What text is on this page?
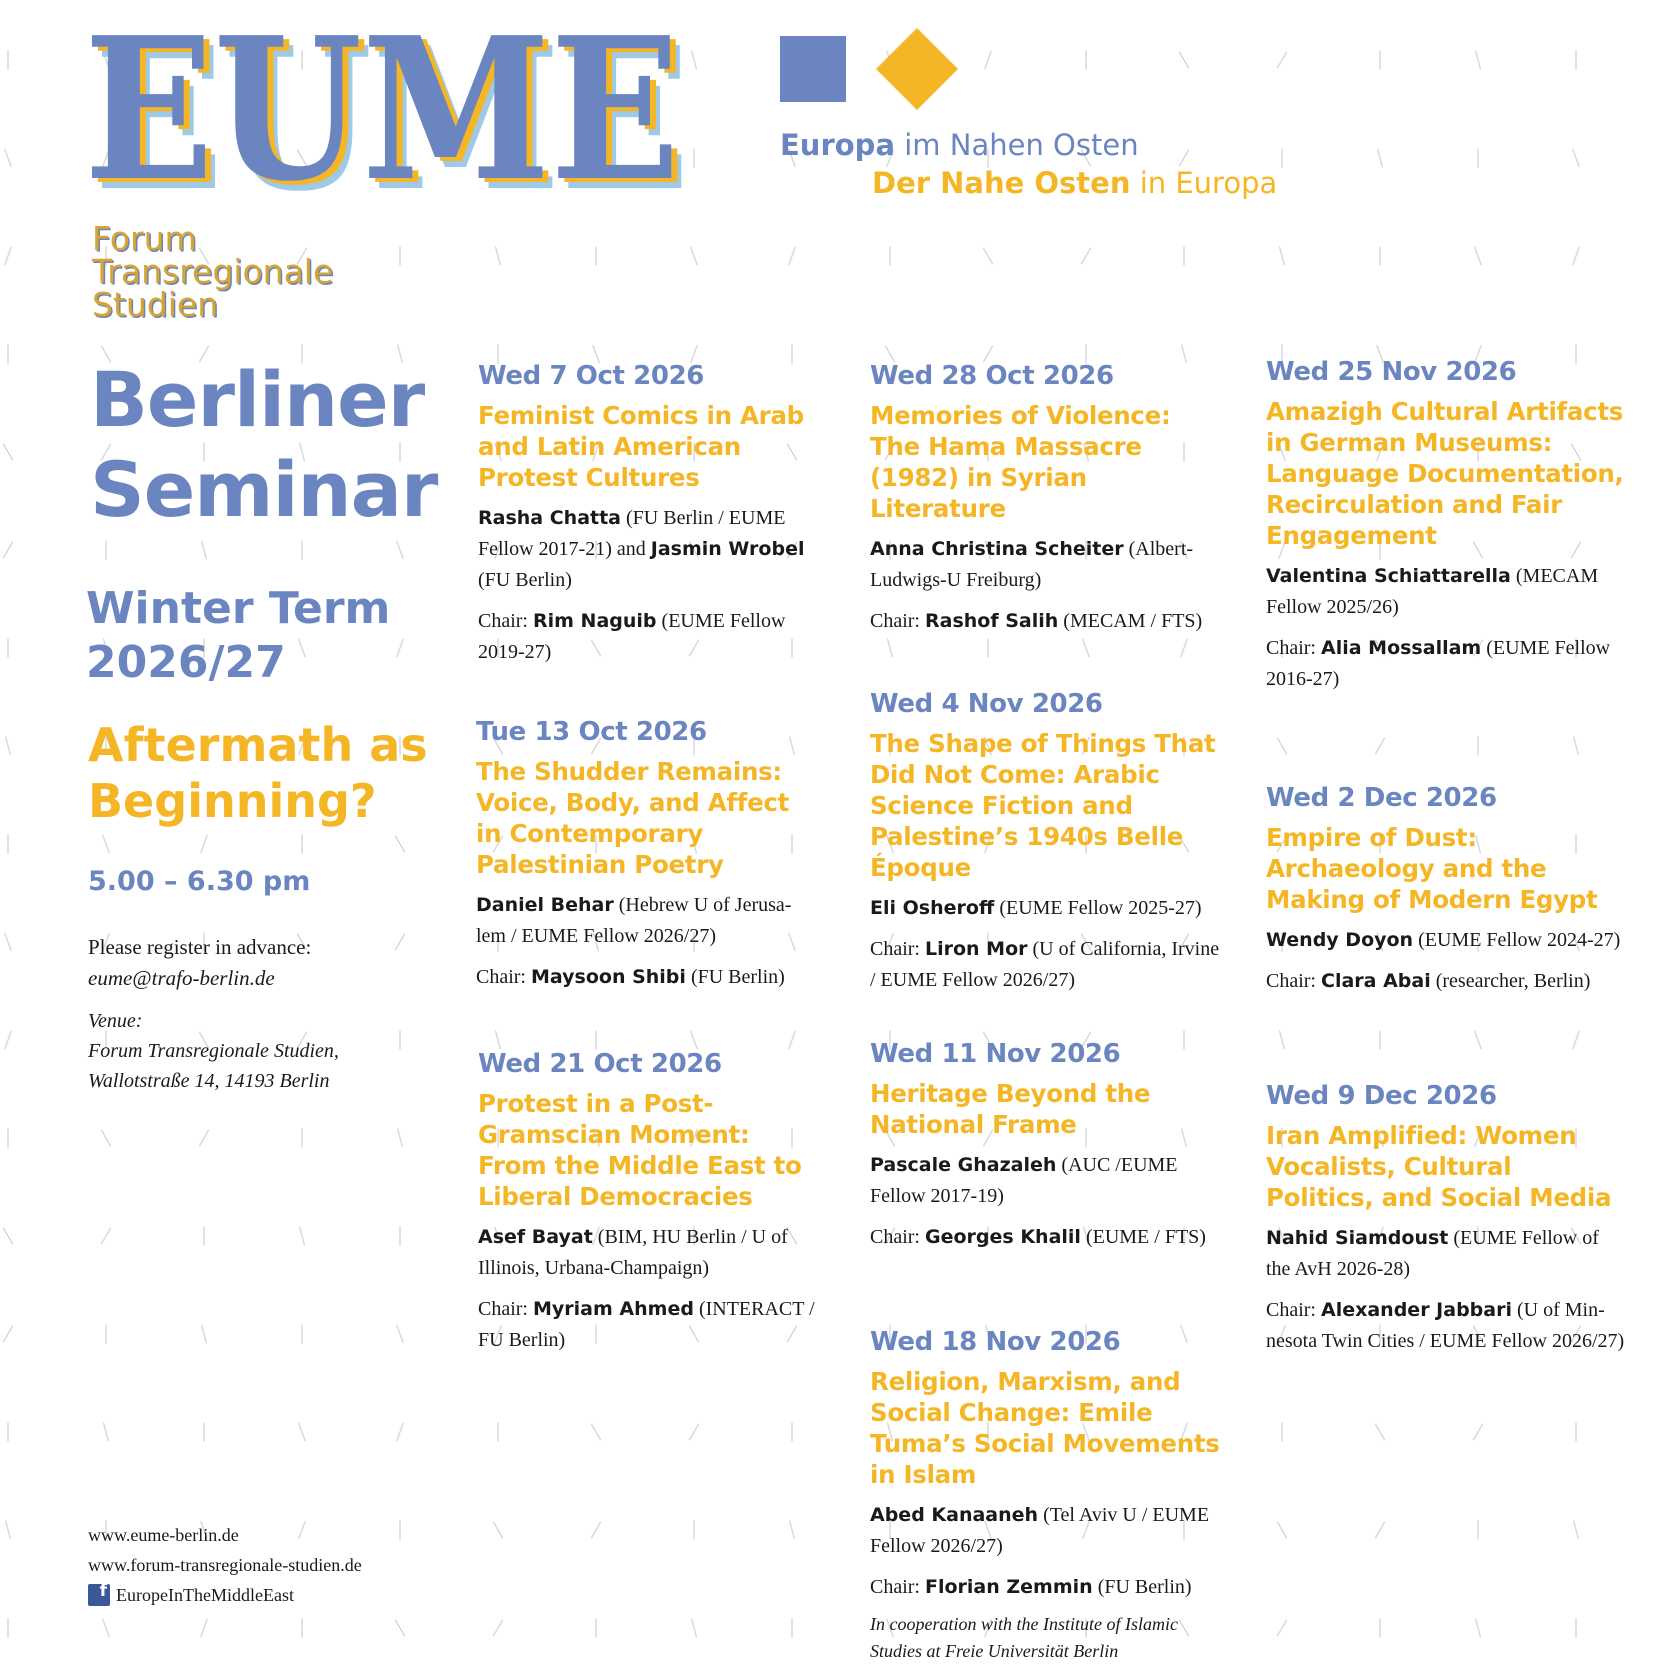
EUME
EUME
EUME	Europa im Nahen Osten
Der Nahe Osten in Europa
Forum
Transregionale
Studien
Berliner
Seminar
Winter Term
2026/27
Aftermath as
Beginning?
5.00 – 6.30 pm
Please register in advance:
eume@trafo-berlin.de
Venue:
Forum Transregionale Studien,
Wallotstraße 14, 14193 Berlin
www.eume-berlin.de
www.forum-transregionale-studien.de
f EuropeInTheMiddleEast
Wed 7 Oct 2026
Feminist Comics in Arab and Latin American Protest Cultures
Rasha Chatta (FU Berlin / EUME Fellow 2017-21) and Jasmin Wrobel (FU Berlin)
Chair: Rim Naguib (EUME Fellow 2019-27)
Tue 13 Oct 2026
The Shudder Remains: Voice, Body, and Affect in Contemporary Palestinian Poetry
Daniel Behar (Hebrew U of Jerusa-lem / EUME Fellow 2026/27)
Chair: Maysoon Shibi (FU Berlin)
Wed 21 Oct 2026
Protest in a Post-Gramscian Moment: From the Middle East to Liberal Democracies
Asef Bayat (BIM, HU Berlin / U of Illinois, Urbana-Champaign)
Chair: Myriam Ahmed (INTERACT / FU Berlin)
Wed 28 Oct 2026
Memories of Violence: The Hama Massacre (1982) in Syrian Literature
Anna Christina Scheiter (Albert-Ludwigs-U Freiburg)
Chair: Rashof Salih (MECAM / FTS)
Wed 4 Nov 2026
The Shape of Things That Did Not Come: Arabic Science Fiction and Palestine’s 1940s Belle Époque
Eli Osheroff (EUME Fellow 2025-27)
Chair: Liron Mor (U of California, Irvine / EUME Fellow 2026/27)
Wed 11 Nov 2026
Heritage Beyond the National Frame
Pascale Ghazaleh (AUC /EUME Fellow 2017-19)
Chair: Georges Khalil (EUME / FTS)
Wed 18 Nov 2026
Religion, Marxism, and Social Change: Emile Tuma’s Social Movements in Islam
Abed Kanaaneh (Tel Aviv U / EUME Fellow 2026/27)
Chair: Florian Zemmin (FU Berlin)
In cooperation with the Institute of Islamic Studies at Freie Universität Berlin
Wed 25 Nov 2026
Amazigh Cultural Artifacts in German Museums: Language Documentation, Recirculation and Fair Engagement
Valentina Schiattarella (MECAM Fellow 2025/26)
Chair: Alia Mossallam (EUME Fellow 2016-27)
Wed 2 Dec 2026
Empire of Dust: Archaeology and the Making of Modern Egypt
Wendy Doyon (EUME Fellow 2024-27)
Chair: Clara Abai (researcher, Berlin)
Wed 9 Dec 2026
Iran Amplified: Women Vocalists, Cultural Politics, and Social Media
Nahid Siamdoust (EUME Fellow of the AvH 2026-28)
Chair: Alexander Jabbari (U of Min-nesota Twin Cities / EUME Fellow 2026/27)
